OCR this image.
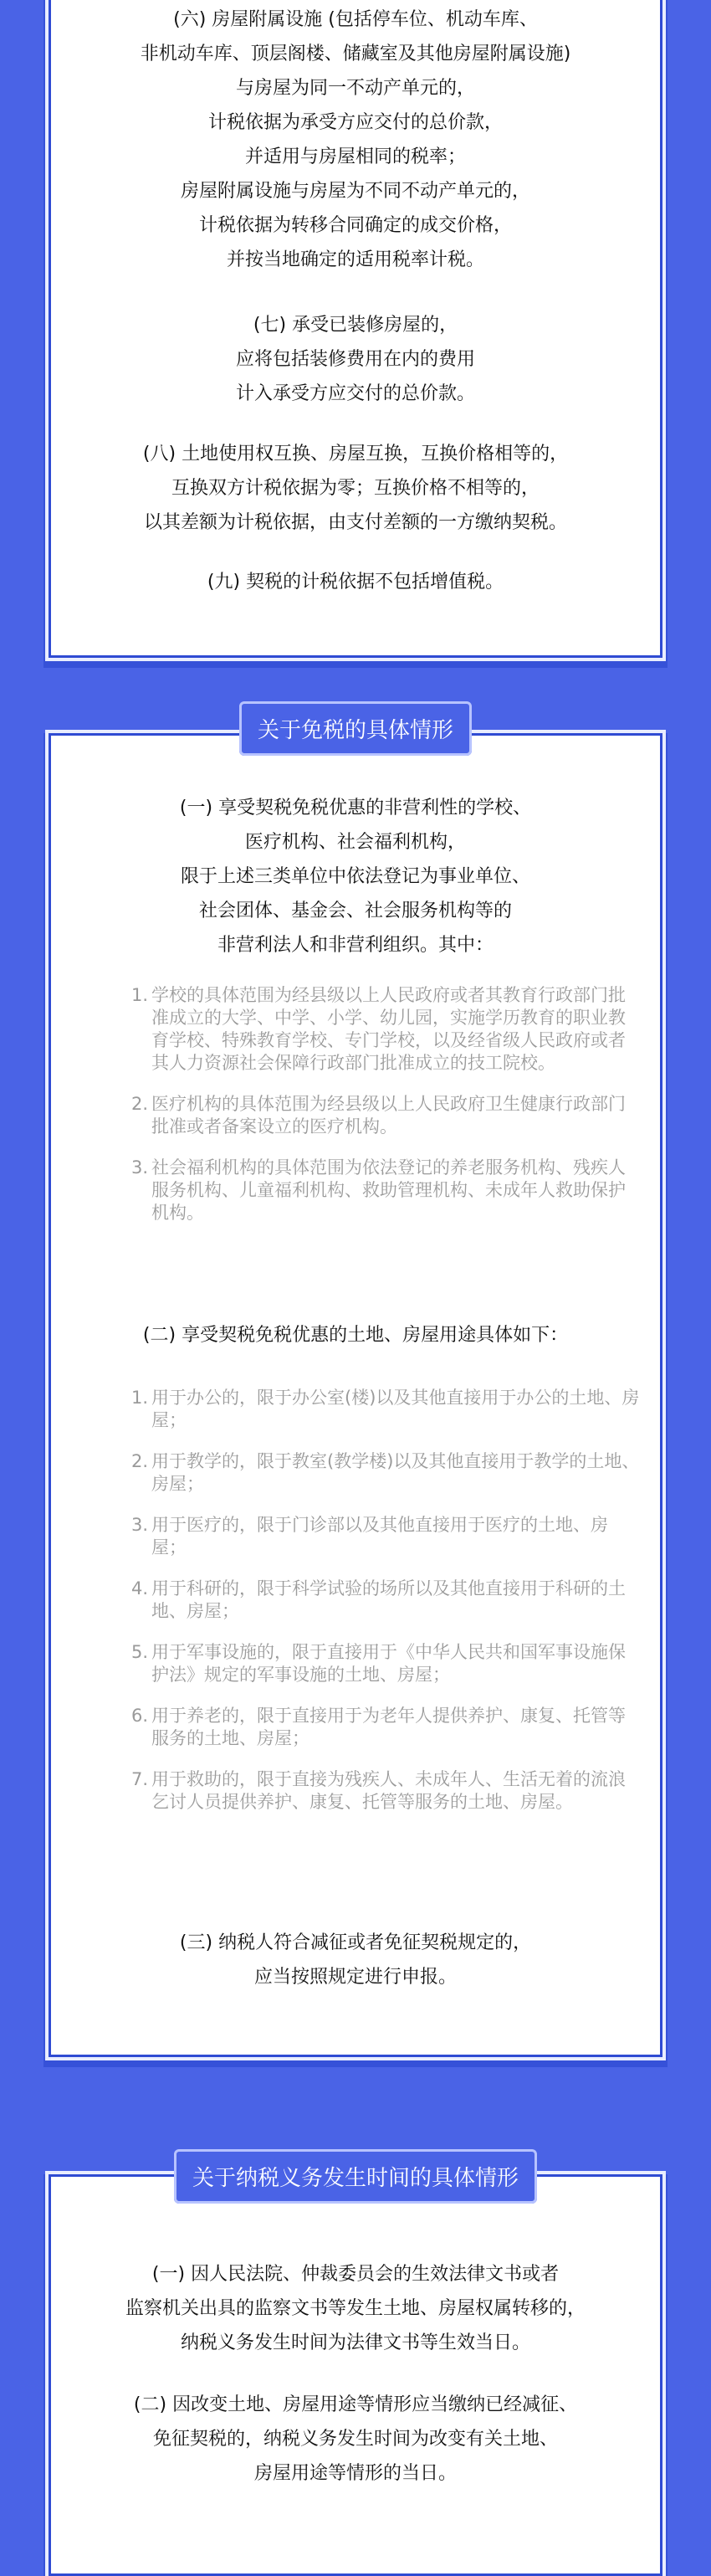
(六) 房屋附属设施 (包括停车位、机动车库、
非机动车库、顶层阁楼、储藏室及其他房屋附属设施)
与房屋为同一不动产单元的，
计税依据为承受方应交付的总价款，
并适用与房屋相同的税率；
房屋附属设施与房屋为不同不动产单元的，
计税依据为转移合同确定的成交价格，
并按当地确定的适用税率计税。
(七) 承受已装修房屋的，
应将包括装修费用在内的费用
计入承受方应交付的总价款。
(八) 土地使用权互换、房屋互换，互换价格相等的，
互换双方计税依据为零；互换价格不相等的，
以其差额为计税依据，由支付差额的一方缴纳契税。
(九) 契税的计税依据不包括增值税。
(一) 享受契税免税优惠的非营利性的学校、
医疗机构、社会福利机构，
限于上述三类单位中依法登记为事业单位、
社会团体、基金会、社会服务机构等的
非营利法人和非营利组织。其中：
1. 学校的具体范围为经县级以上人民政府或者其教育行政部门批准成立的大学、中学、小学、幼儿园，实施学历教育的职业教育学校、特殊教育学校、专门学校，以及经省级人民政府或者其人力资源社会保障行政部门批准成立的技工院校。
2. 医疗机构的具体范围为经县级以上人民政府卫生健康行政部门批准或者备案设立的医疗机构。
3. 社会福利机构的具体范围为依法登记的养老服务机构、残疾人服务机构、儿童福利机构、救助管理机构、未成年人救助保护机构。
(二) 享受契税免税优惠的土地、房屋用途具体如下：
1. 用于办公的，限于办公室(楼)以及其他直接用于办公的土地、房屋；
2. 用于教学的，限于教室(教学楼)以及其他直接用于教学的土地、房屋；
3. 用于医疗的，限于门诊部以及其他直接用于医疗的土地、房屋；
4. 用于科研的，限于科学试验的场所以及其他直接用于科研的土地、房屋；
5. 用于军事设施的，限于直接用于《中华人民共和国军事设施保护法》规定的军事设施的土地、房屋；
6. 用于养老的，限于直接用于为老年人提供养护、康复、托管等服务的土地、房屋；
7. 用于救助的，限于直接为残疾人、未成年人、生活无着的流浪乞讨人员提供养护、康复、托管等服务的土地、房屋。
(三) 纳税人符合减征或者免征契税规定的，
应当按照规定进行申报。
关于免税的具体情形
(一) 因人民法院、仲裁委员会的生效法律文书或者
监察机关出具的监察文书等发生土地、房屋权属转移的，
纳税义务发生时间为法律文书等生效当日。
(二) 因改变土地、房屋用途等情形应当缴纳已经减征、
免征契税的，纳税义务发生时间为改变有关土地、
房屋用途等情形的当日。
关于纳税义务发生时间的具体情形
